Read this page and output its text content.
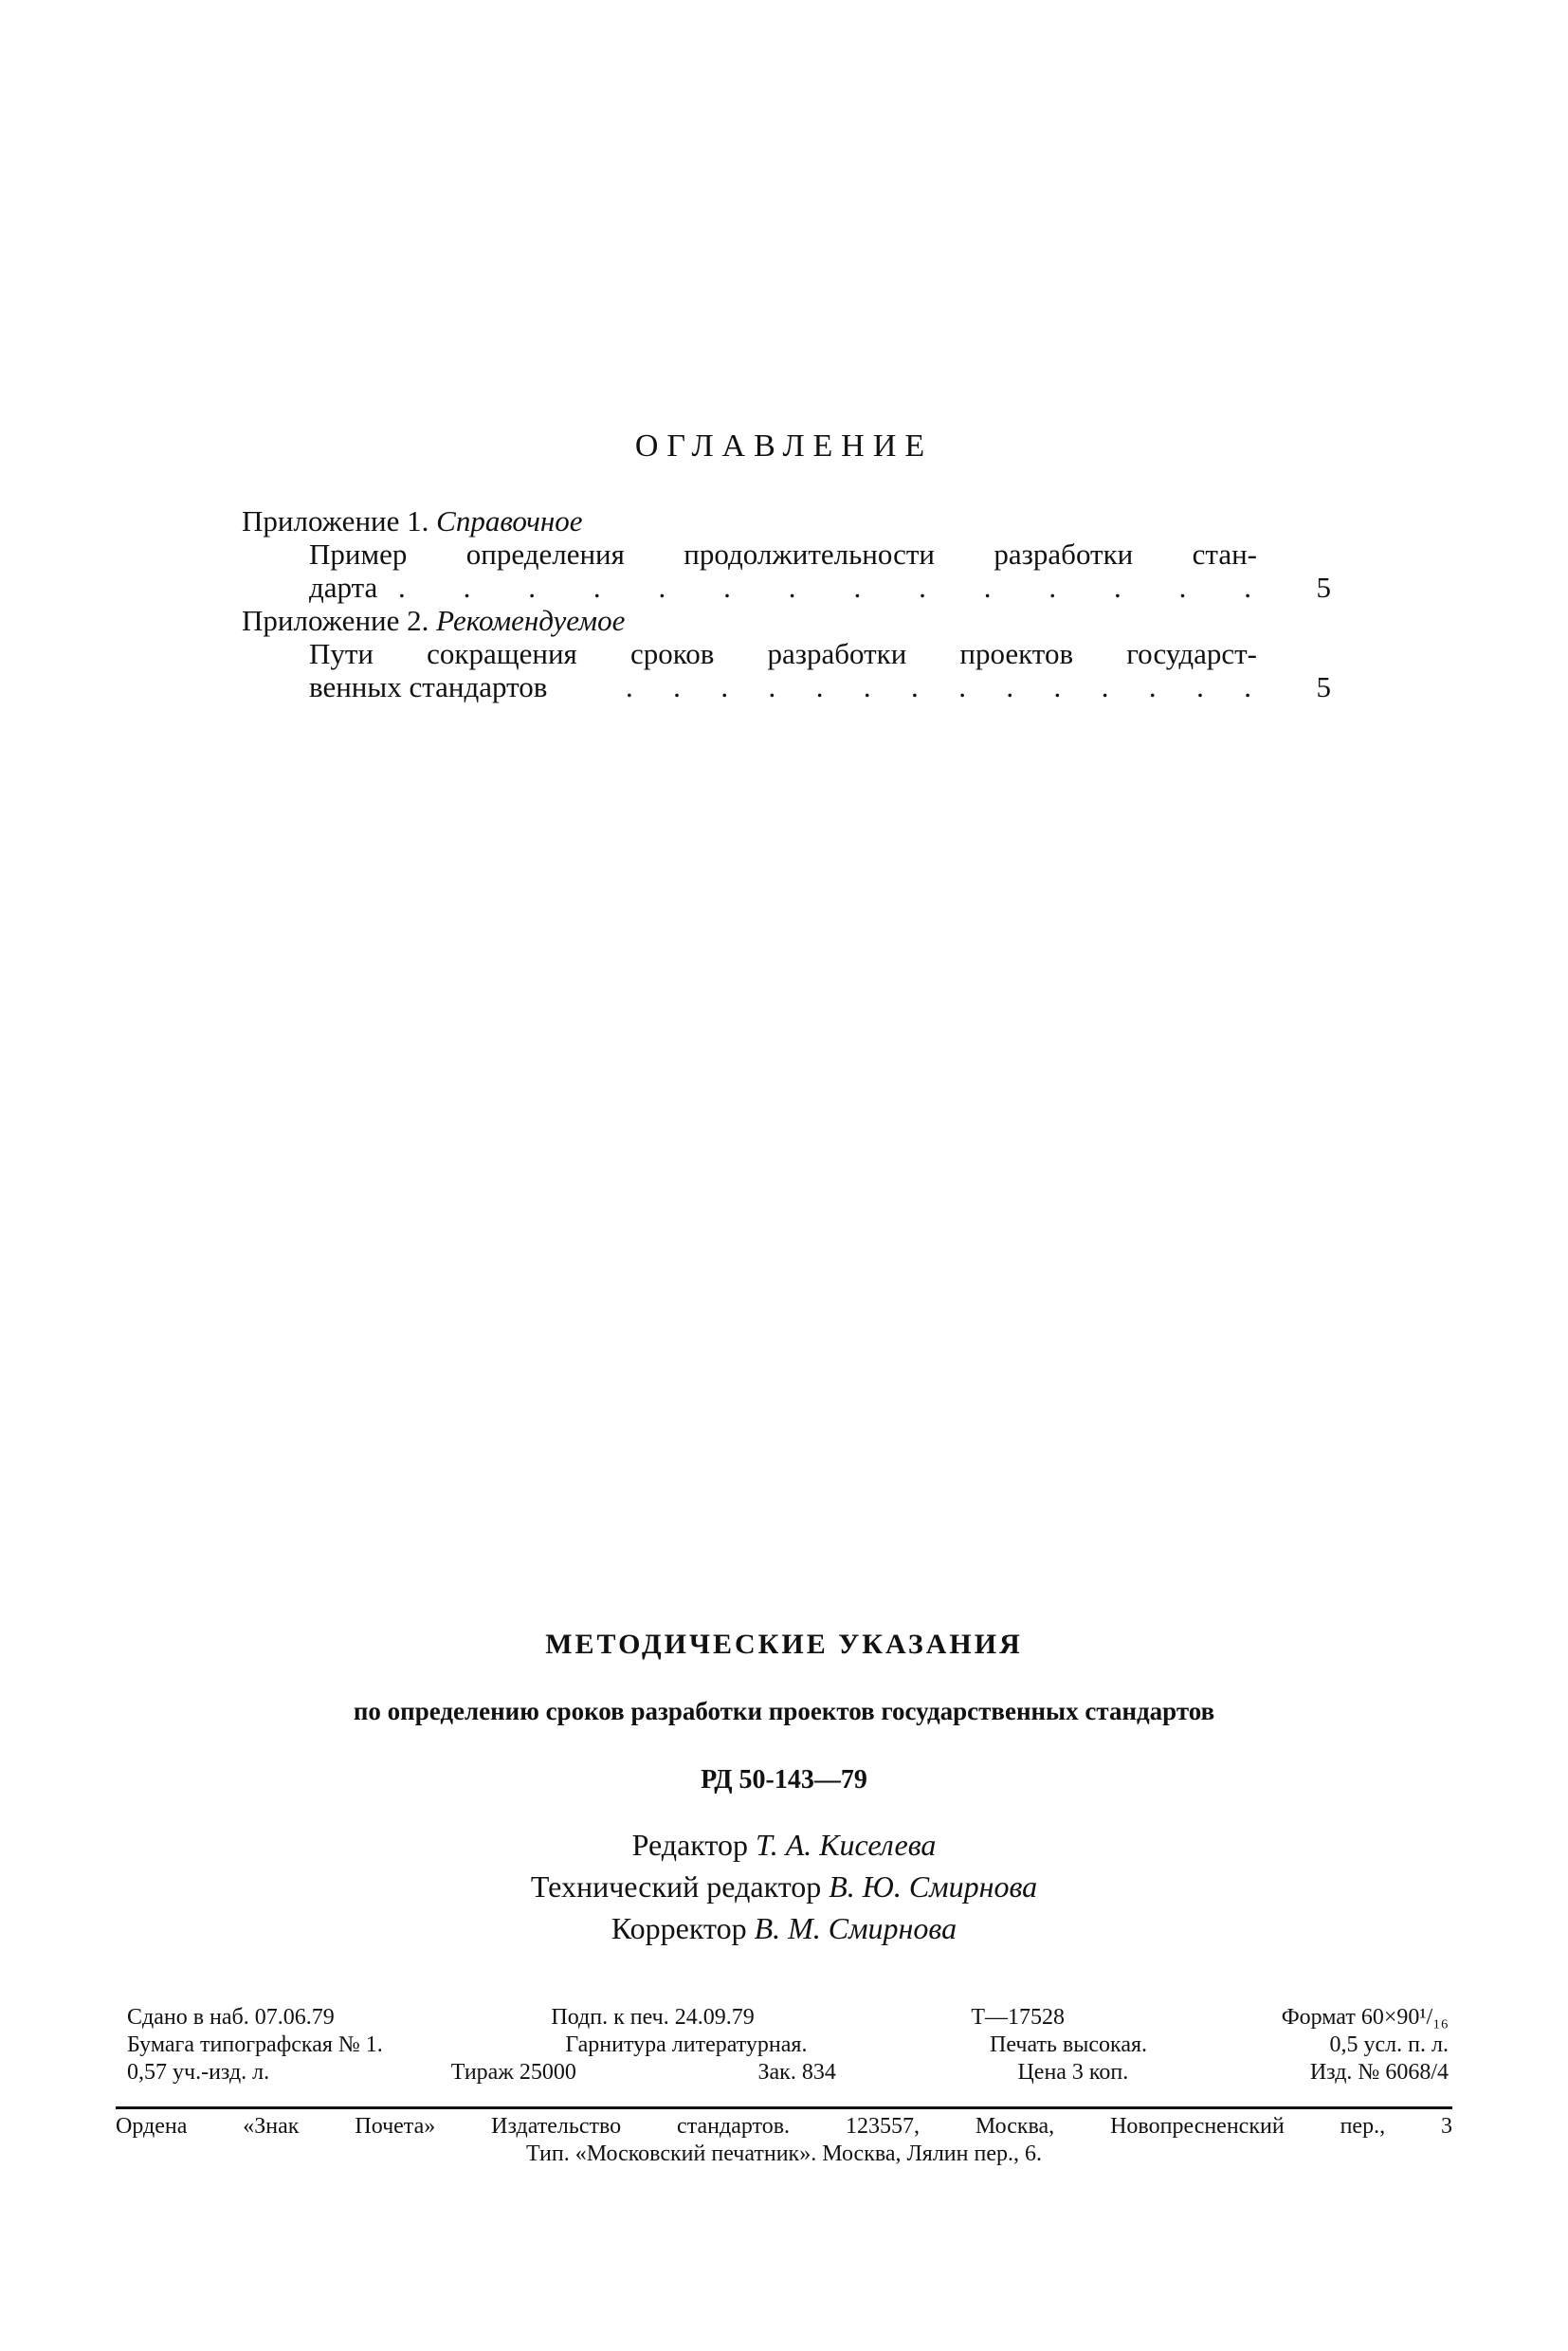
ОГЛАВЛЕНИЕ
Приложение 1. Справочное
Пример определения продолжительности разработки стан-
дарта . . . . . . . . . . . . . .	5
Приложение 2. Рекомендуемое
Пути сокращения сроков разработки проектов государст-
венных стандартов	. . . . . . . . . . . . . .	5
МЕТОДИЧЕСКИЕ УКАЗАНИЯ
по определению сроков разработки проектов государственных стандартов
РД 50-143—79
Редактор Т. А. Киселева
Технический редактор В. Ю. Смирнова
Корректор В. М. Смирнова
Сдано в наб. 07.06.79	Подп. к печ. 24.09.79	Т—17528	Формат 60×90¹/₁₆
Бумага типографская № 1.	Гарнитура литературная.	Печать высокая.	0,5 усл. п. л.
0,57 уч.-изд. л.	Тираж 25000	Зак. 834	Цена 3 коп.	Изд. № 6068/4
Ордена «Знак Почета» Издательство стандартов. 123557, Москва, Новопресненский пер., 3
Тип. «Московский печатник». Москва, Лялин пер., 6.
